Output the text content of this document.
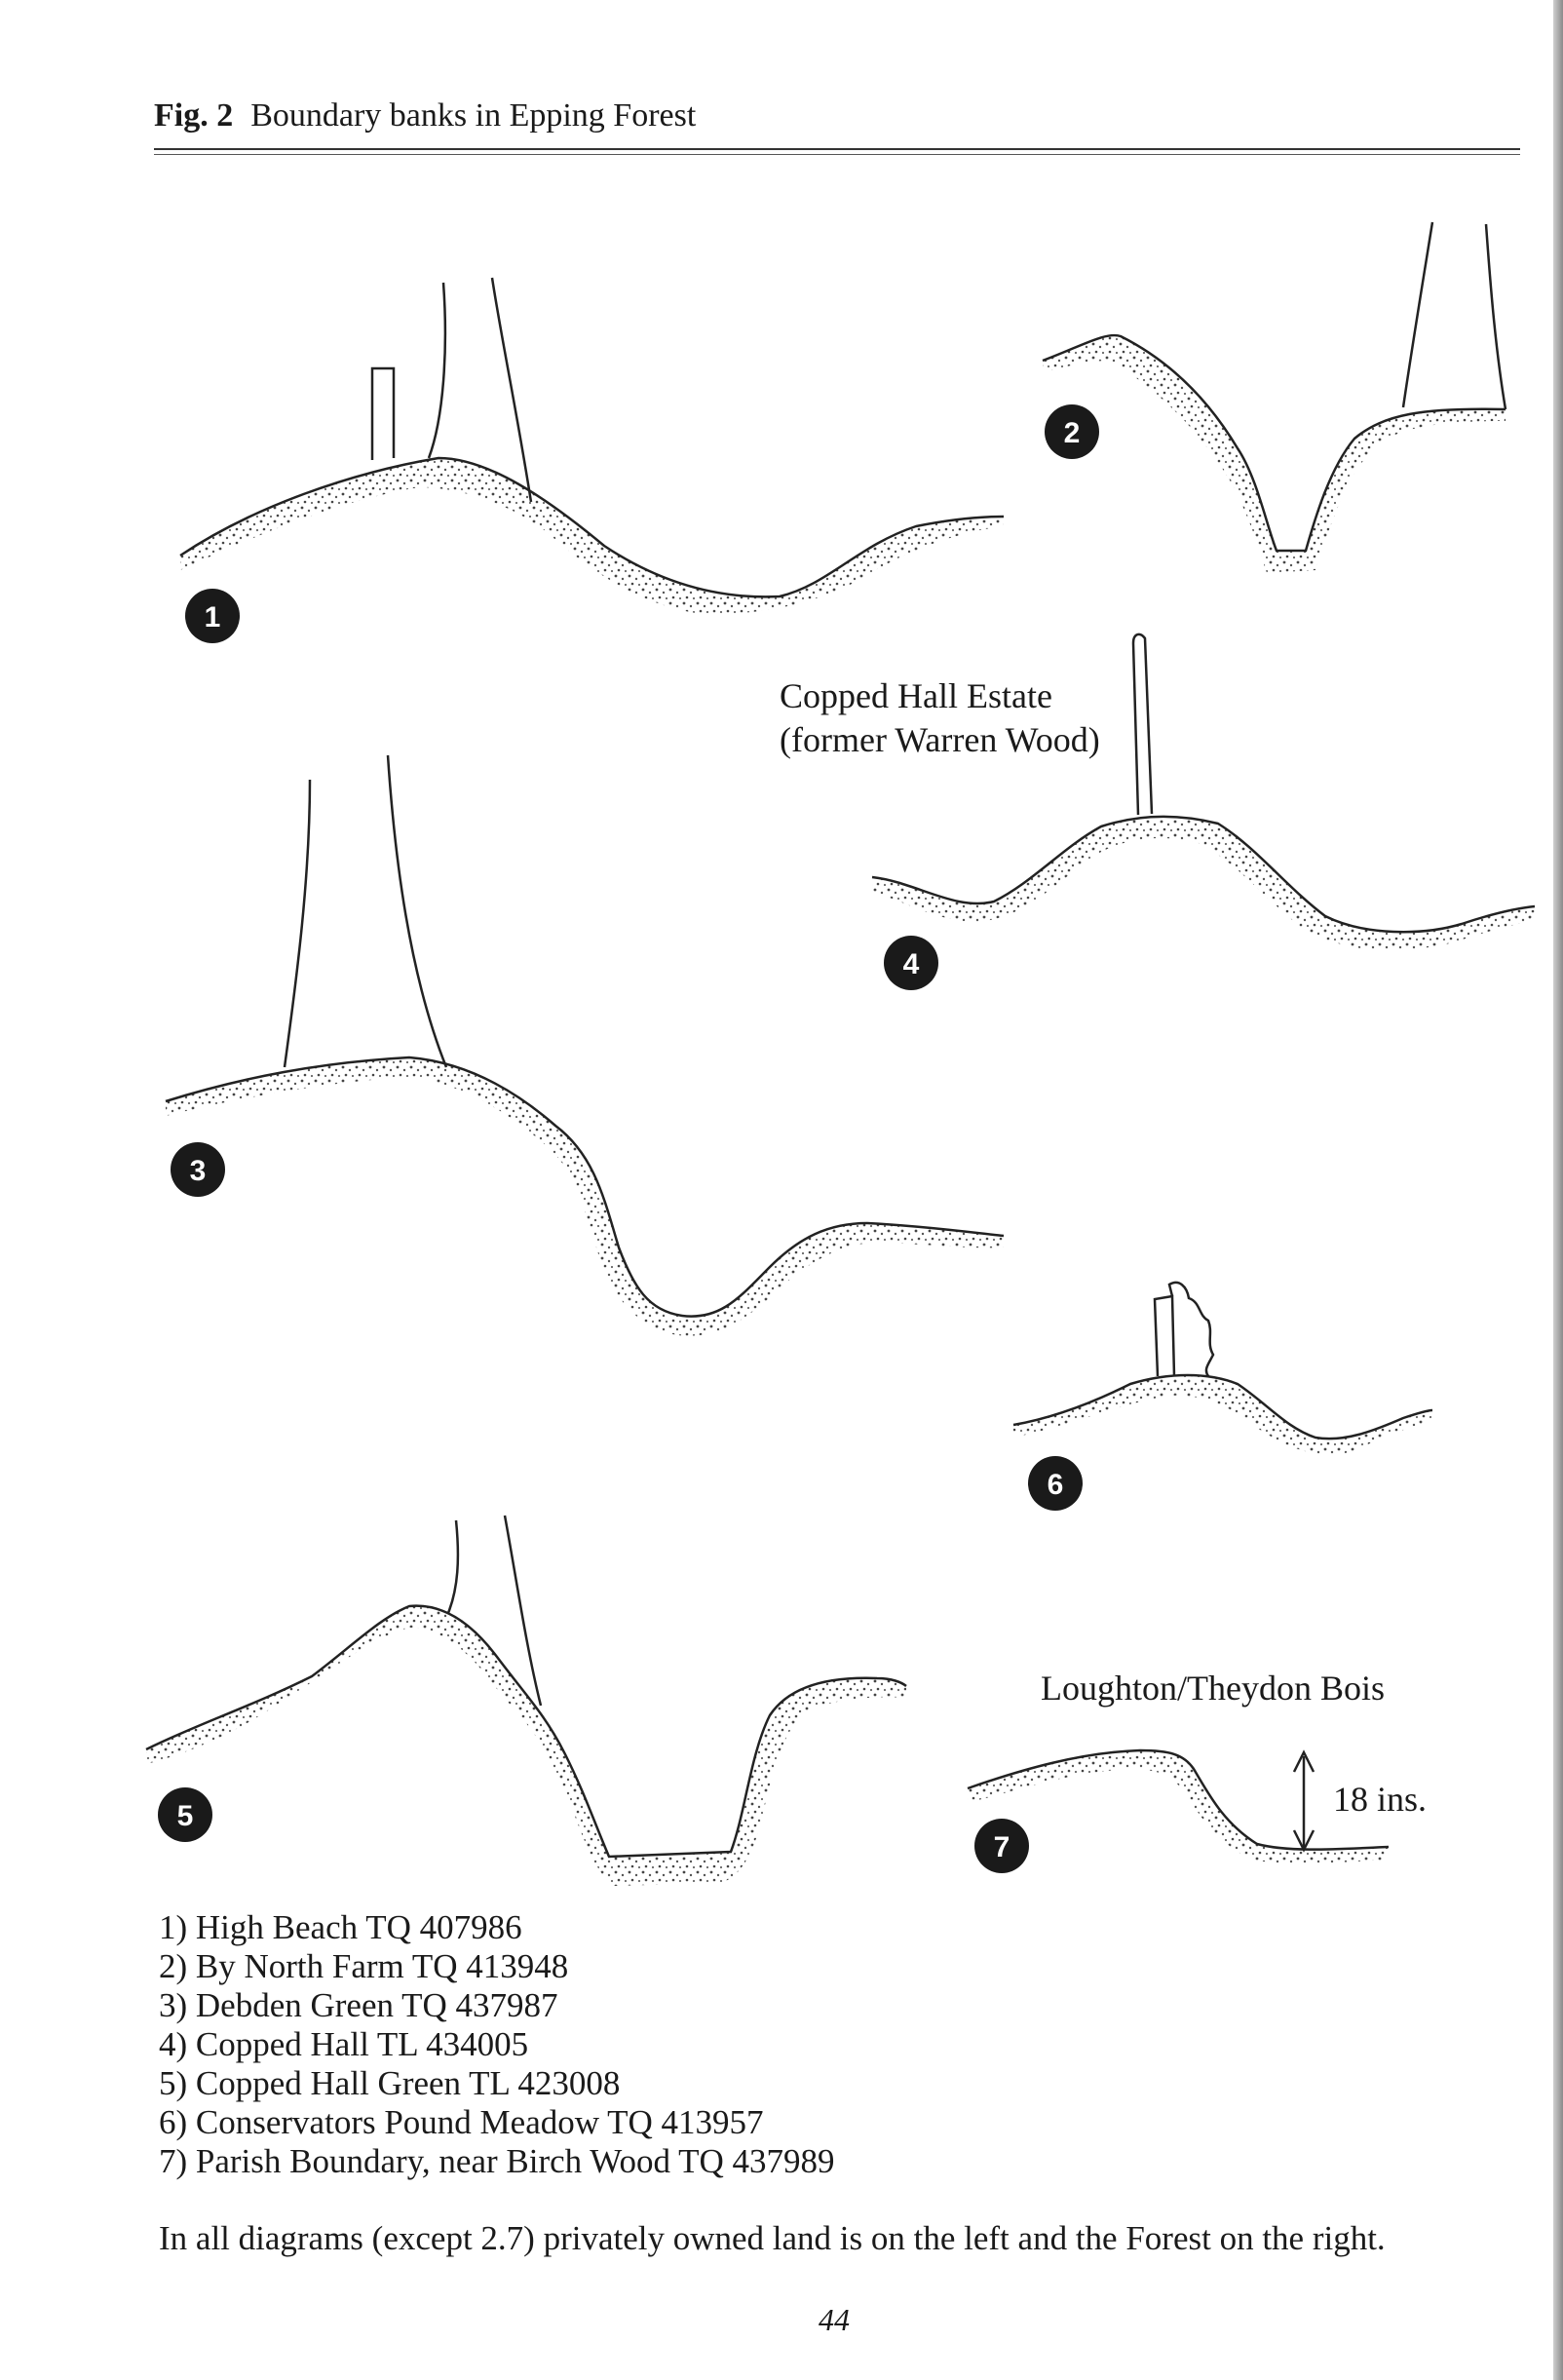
Fig. 2 Boundary banks in Epping Forest
1
2
4
3
6
5
7
Copped Hall Estate
(former Warren Wood)
Loughton/Theydon Bois
18 ins.
1) High Beach TQ 407986
2) By North Farm TQ 413948
3) Debden Green TQ 437987
4) Copped Hall TL 434005
5) Copped Hall Green TL 423008
6) Conservators Pound Meadow TQ 413957
7) Parish Boundary, near Birch Wood TQ 437989
In all diagrams (except 2.7) privately owned land is on the left and the Forest on the right.
44
